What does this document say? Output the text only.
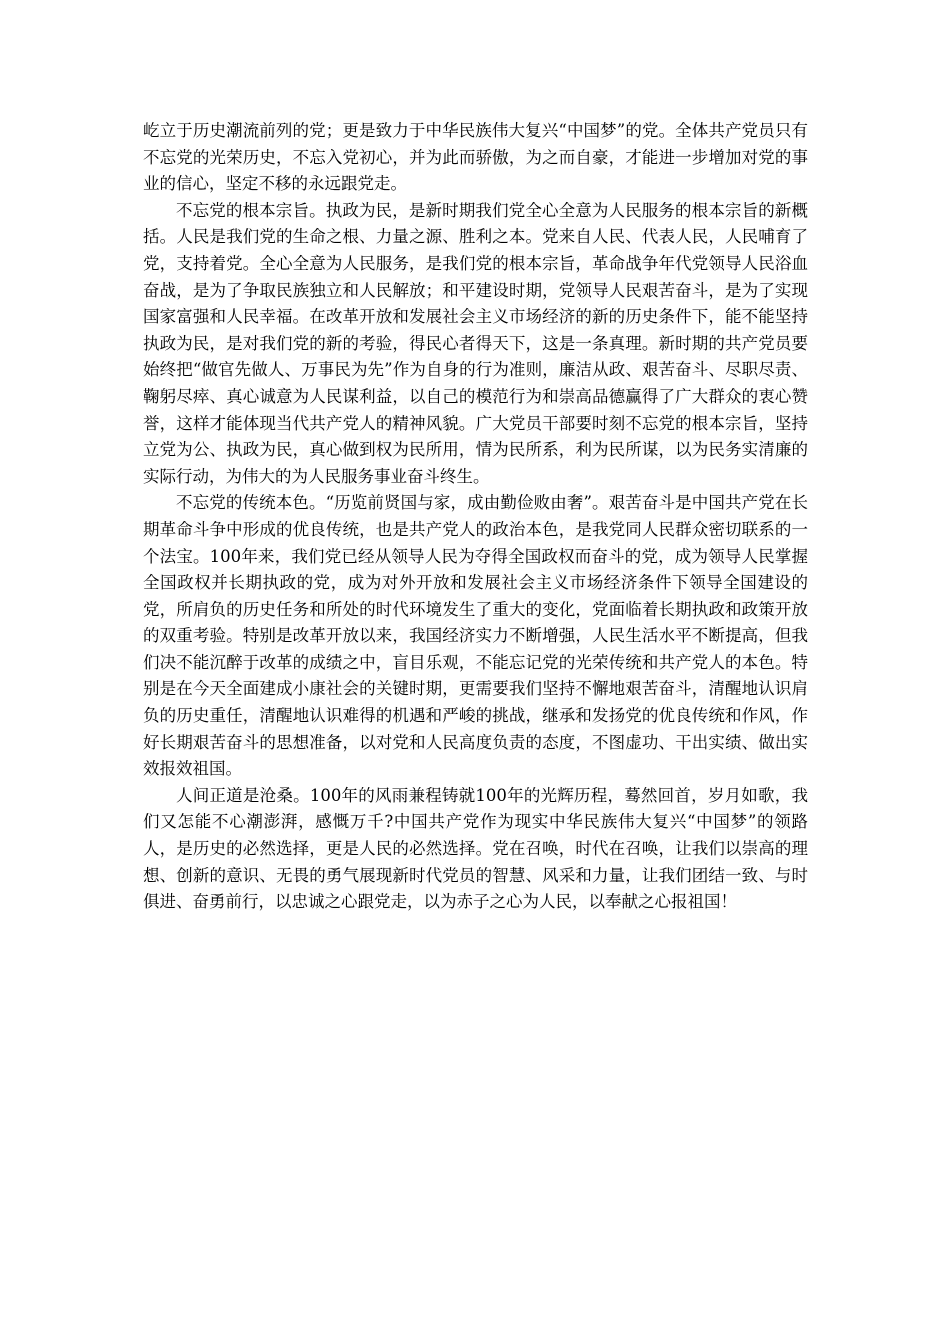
屹立于历史潮流前列的党；更是致力于中华民族伟大复兴“中国梦”的党。全体共产党员只有不忘党的光荣历史，不忘入党初心，并为此而骄傲，为之而自豪，才能进一步增加对党的事业的信心，坚定不移的永远跟党走。

不忘党的根本宗旨。执政为民，是新时期我们党全心全意为人民服务的根本宗旨的新概括。人民是我们党的生命之根、力量之源、胜利之本。党来自人民、代表人民，人民哺育了党，支持着党。全心全意为人民服务，是我们党的根本宗旨，革命战争年代党领导人民浴血奋战，是为了争取民族独立和人民解放；和平建设时期，党领导人民艰苦奋斗，是为了实现国家富强和人民幸福。在改革开放和发展社会主义市场经济的新的历史条件下，能不能坚持执政为民，是对我们党的新的考验，得民心者得天下，这是一条真理。新时期的共产党员要始终把“做官先做人、万事民为先”作为自身的行为准则，廉洁从政、艰苦奋斗、尽职尽责、鞠躬尽瘁、真心诚意为人民谋利益，以自己的模范行为和崇高品德赢得了广大群众的衷心赞誉，这样才能体现当代共产党人的精神风貌。广大党员干部要时刻不忘党的根本宗旨，坚持立党为公、执政为民，真心做到权为民所用，情为民所系，利为民所谋，以为民务实清廉的实际行动，为伟大的为人民服务事业奋斗终生。

不忘党的传统本色。“历览前贤国与家，成由勤俭败由奢”。艰苦奋斗是中国共产党在长期革命斗争中形成的优良传统，也是共产党人的政治本色，是我党同人民群众密切联系的一个法宝。100年来，我们党已经从领导人民为夺得全国政权而奋斗的党，成为领导人民掌握全国政权并长期执政的党，成为对外开放和发展社会主义市场经济条件下领导全国建设的党，所肩负的历史任务和所处的时代环境发生了重大的变化，党面临着长期执政和政策开放的双重考验。特别是改革开放以来，我国经济实力不断增强，人民生活水平不断提高，但我们决不能沉醉于改革的成绩之中，盲目乐观，不能忘记党的光荣传统和共产党人的本色。特别是在今天全面建成小康社会的关键时期，更需要我们坚持不懈地艰苦奋斗，清醒地认识肩负的历史重任，清醒地认识难得的机遇和严峻的挑战，继承和发扬党的优良传统和作风，作好长期艰苦奋斗的思想准备，以对党和人民高度负责的态度，不图虚功、干出实绩、做出实效报效祖国。

人间正道是沧桑。100年的风雨兼程铸就100年的光辉历程，蓦然回首，岁月如歌，我们又怎能不心潮澎湃，感慨万千?中国共产党作为现实中华民族伟大复兴“中国梦”的领路人，是历史的必然选择，更是人民的必然选择。党在召唤，时代在召唤，让我们以崇高的理想、创新的意识、无畏的勇气展现新时代党员的智慧、风采和力量，让我们团结一致、与时俱进、奋勇前行，以忠诚之心跟党走，以为赤子之心为人民，以奉献之心报祖国！
